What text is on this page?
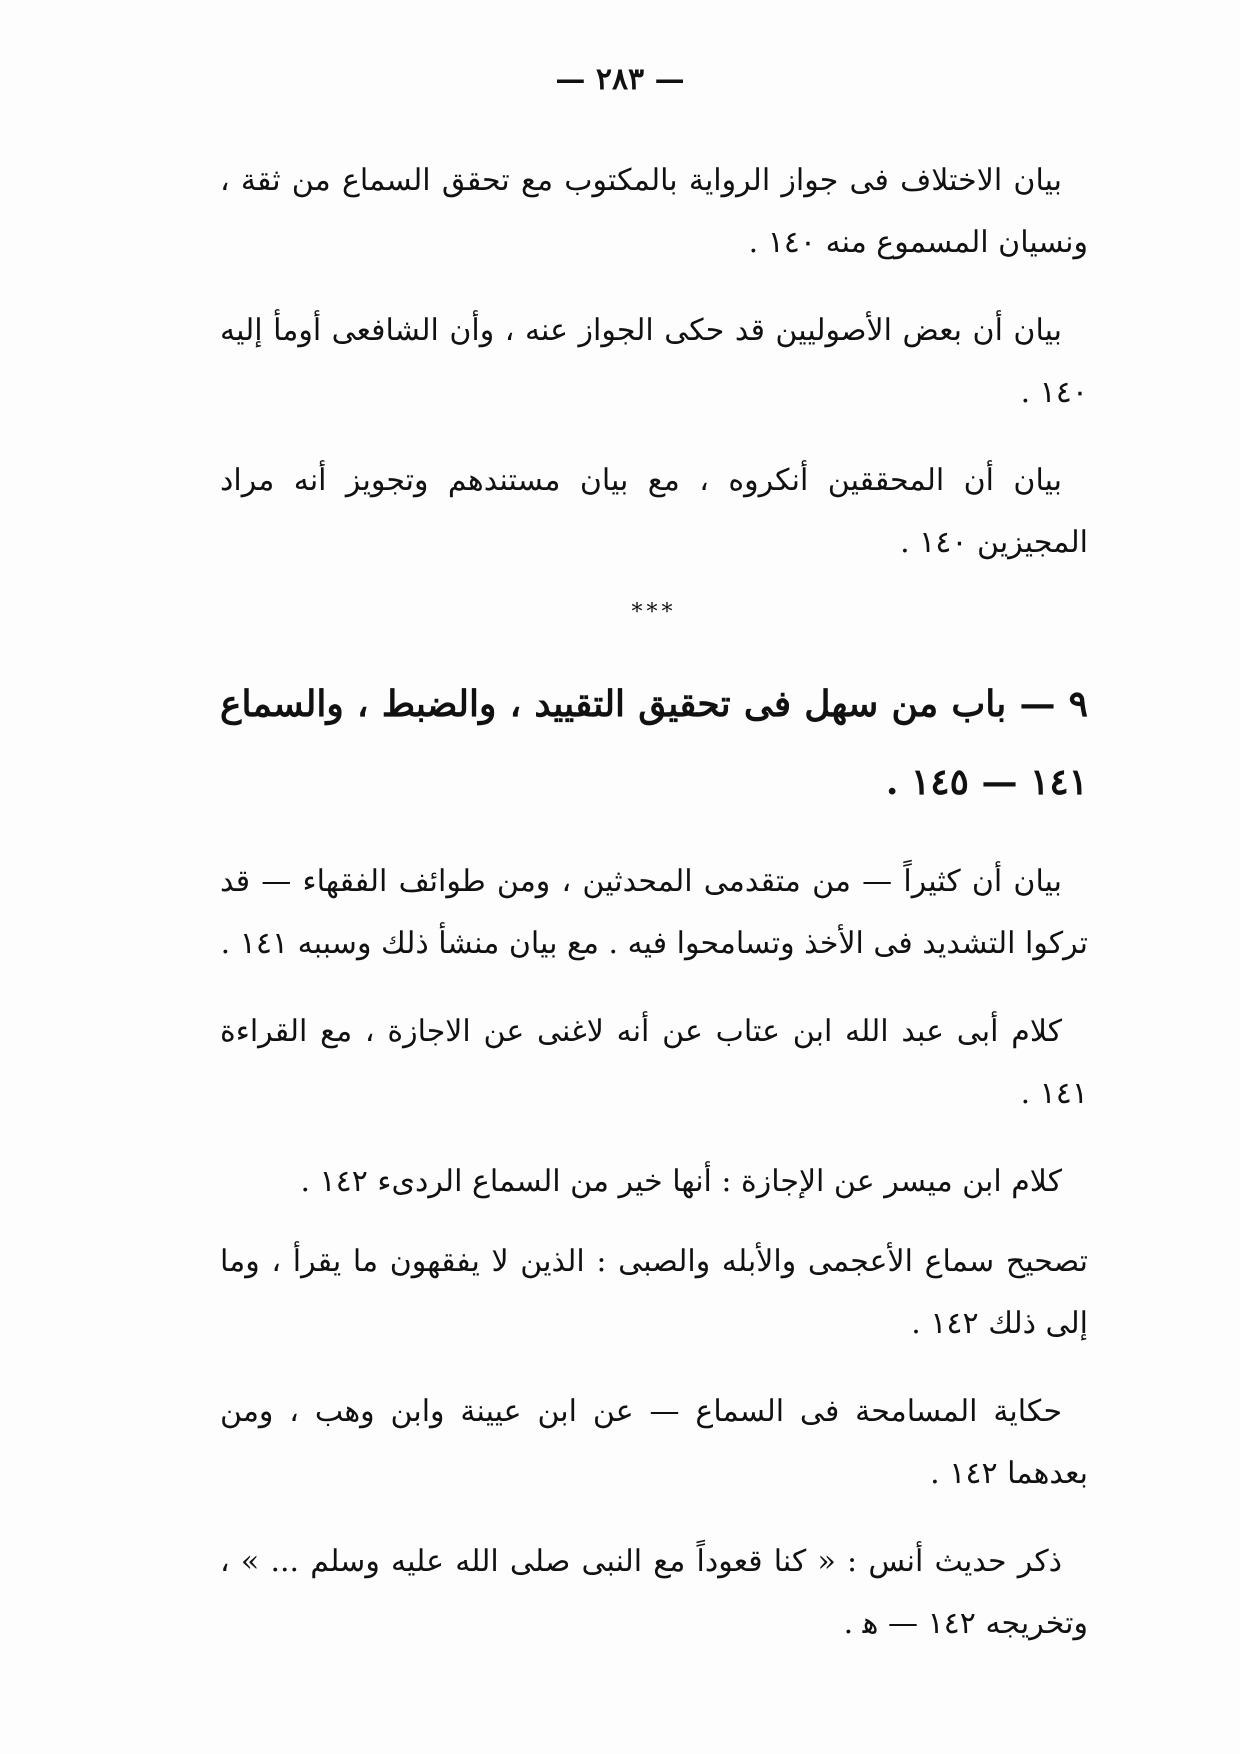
— ٢٨٣ —

بيان الاختلاف فى جواز الرواية بالمكتوب مع تحقق السماع من ثقة ، ونسيان المسموع منه ١٤٠ .

بيان أن بعض الأصوليين قد حكى الجواز عنه ، وأن الشافعى أومأ إليه ١٤٠ .

بيان أن المحققين أنكروه ، مع بيان مستندهم وتجويز أنه مراد المجيزين ١٤٠ .

***

٩ — باب من سهل فى تحقيق التقييد ، والضبط ، والسماع ١٤١ — ١٤٥ .

بيان أن كثيراً — من متقدمى المحدثين ، ومن طوائف الفقهاء — قد تركوا التشديد فى الأخذ وتسامحوا فيه . مع بيان منشأ ذلك وسببه ١٤١ .

كلام أبى عبد الله ابن عتاب عن أنه لاغنى عن الاجازة ، مع القراءة ١٤١ .

كلام ابن ميسر عن الإجازة : أنها خير من السماع الردىء ١٤٢ .

تصحيح سماع الأعجمى والأبله والصبى : الذين لا يفقهون ما يقرأ ، وما إلى ذلك ١٤٢ .

حكاية المسامحة فى السماع — عن ابن عيينة وابن وهب ، ومن بعدهما ١٤٢ .

ذكر حديث أنس : « كنا قعوداً مع النبى صلى الله عليه وسلم ... » ، وتخريجه ١٤٢ — ﻫ .
